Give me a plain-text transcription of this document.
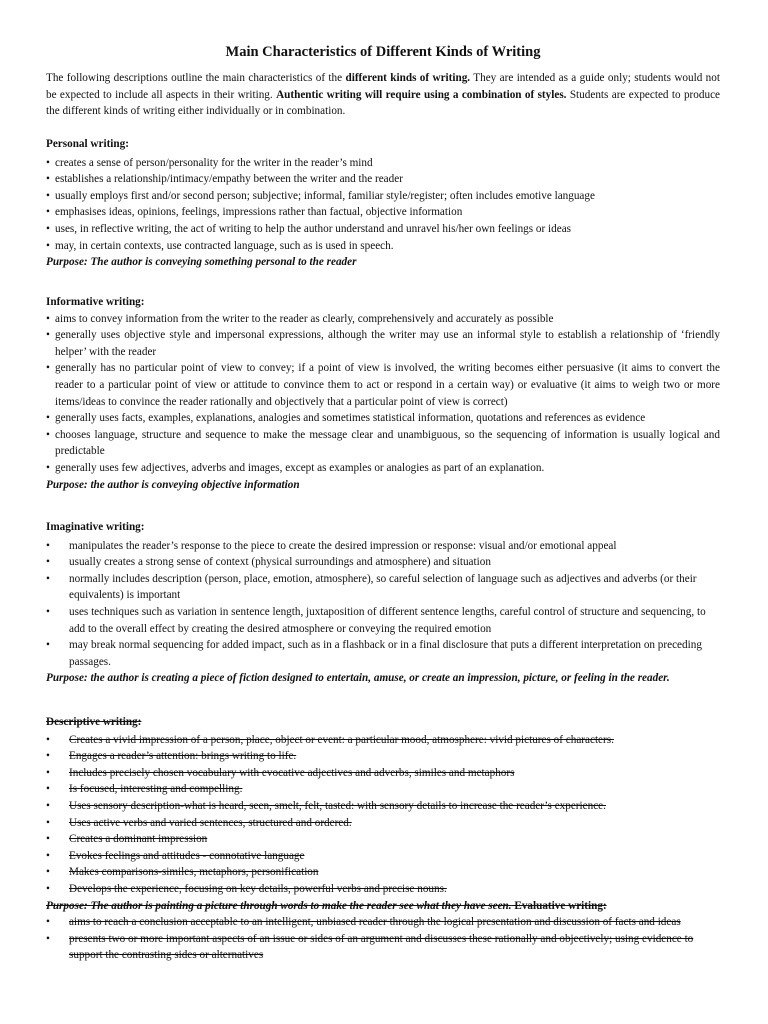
Main Characteristics of Different Kinds of Writing

The following descriptions outline the main characteristics of the different kinds of writing. They are intended as a guide only; students would not be expected to include all aspects in their writing. Authentic writing will require using a combination of styles. Students are expected to produce the different kinds of writing either individually or in combination.

Personal writing:

• creates a sense of person/personality for the writer in the reader’s mind
• establishes a relationship/intimacy/empathy between the writer and the reader
• usually employs first and/or second person; subjective; informal, familiar style/register; often includes emotive language
• emphasises ideas, opinions, feelings, impressions rather than factual, objective information
• uses, in reflective writing, the act of writing to help the author understand and unravel his/her own feelings or ideas
• may, in certain contexts, use contracted language, such as is used in speech.

Purpose: The author is conveying something personal to the reader

Informative writing:

• aims to convey information from the writer to the reader as clearly, comprehensively and accurately as possible
• generally uses objective style and impersonal expressions, although the writer may use an informal style to establish a relationship of ‘friendly helper’ with the reader
• generally has no particular point of view to convey; if a point of view is involved, the writing becomes either persuasive (it aims to convert the reader to a particular point of view or attitude to convince them to act or respond in a certain way) or evaluative (it aims to weigh two or more items/ideas to convince the reader rationally and objectively that a particular point of view is correct)
• generally uses facts, examples, explanations, analogies and sometimes statistical information, quotations and references as evidence
• chooses language, structure and sequence to make the message clear and unambiguous, so the sequencing of information is usually logical and predictable
• generally uses few adjectives, adverbs and images, except as examples or analogies as part of an explanation.

Purpose: the author is conveying objective information

Imaginative writing:

• manipulates the reader’s response to the piece to create the desired impression or response: visual and/or emotional appeal
• usually creates a strong sense of context (physical surroundings and atmosphere) and situation
• normally includes description (person, place, emotion, atmosphere), so careful selection of language such as adjectives and adverbs (or their equivalents) is important
• uses techniques such as variation in sentence length, juxtaposition of different sentence lengths, careful control of structure and sequencing, to add to the overall effect by creating the desired atmosphere or conveying the required emotion
• may break normal sequencing for added impact, such as in a flashback or in a final disclosure that puts a different interpretation on preceding passages.

Purpose: the author is creating a piece of fiction designed to entertain, amuse, or create an impression, picture, or feeling in the reader.

Descriptive writing:

• Creates a vivid impression of a person, place, object or event: a particular mood, atmosphere: vivid pictures of characters.
• Engages a reader’s attention: brings writing to life.
• Includes precisely chosen vocabulary with evocative adjectives and adverbs, similes and metaphors
• Is focused, interesting and compelling.
• Uses sensory description-what is heard, seen, smelt, felt, tasted: with sensory details to increase the reader’s experience.
• Uses active verbs and varied sentences, structured and ordered.
• Creates a dominant impression
• Evokes feelings and attitudes - connotative language
• Makes comparisons-similes, metaphors, personification
• Develops the experience, focusing on key details, powerful verbs and precise nouns.

Purpose: The author is painting a picture through words to make the reader see what they have seen. Evaluative writing:

• aims to reach a conclusion acceptable to an intelligent, unbiased reader through the logical presentation and discussion of facts and ideas
• presents two or more important aspects of an issue or sides of an argument and discusses these rationally and objectively; using evidence to support the contrasting sides or alternatives
